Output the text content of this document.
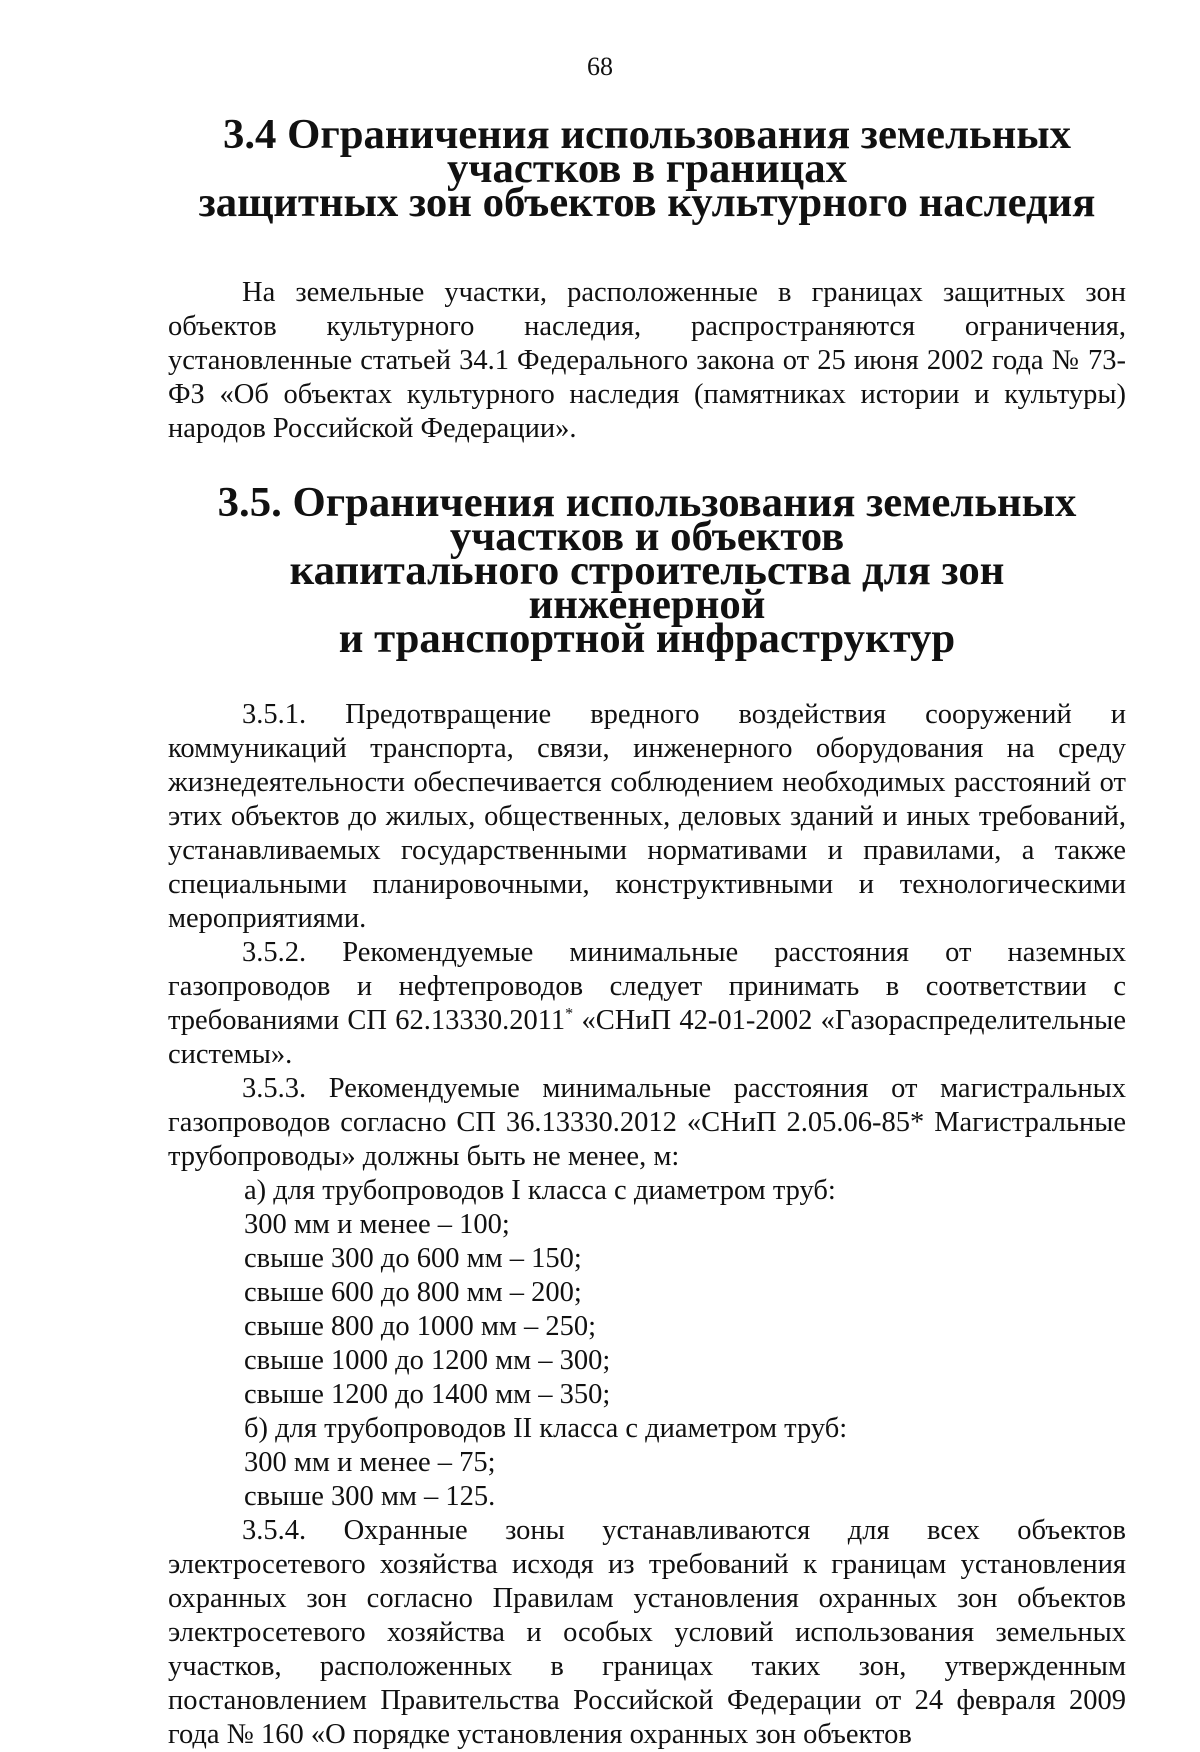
68
3.4 Ограничения использования земельных участков в границах
защитных зон объектов культурного наследия

На земельные участки, расположенные в границах защитных зон объектов культурного наследия, распространяются ограничения, установленные статьей 34.1 Федерального закона от 25 июня 2002 года № 73-ФЗ «Об объектах культурного наследия (памятниках истории и культуры) народов Российской Федерации».

3.5. Ограничения использования земельных участков и объектов
капитального строительства для зон инженерной
и транспортной инфраструктур

3.5.1. Предотвращение вредного воздействия сооружений и коммуникаций транспорта, связи, инженерного оборудования на среду жизнедеятельности обеспечивается соблюдением необходимых расстояний от этих объектов до жилых, общественных, деловых зданий и иных требований, устанавливаемых государственными нормативами и правилами, а также специальными планировочными, конструктивными и технологическими мероприятиями.

3.5.2. Рекомендуемые минимальные расстояния от наземных газопроводов и нефтепроводов следует принимать в соответствии с требованиями СП 62.13330.2011* «СНиП 42-01-2002 «Газораспределительные системы».

3.5.3. Рекомендуемые минимальные расстояния от магистральных газопроводов согласно СП 36.13330.2012 «СНиП 2.05.06-85* Магистральные трубопроводы» должны быть не менее, м:

а) для трубопроводов I класса с диаметром труб:

300 мм и менее – 100;

свыше 300 до 600 мм – 150;

свыше 600 до 800 мм – 200;

свыше 800 до 1000 мм – 250;

свыше 1000 до 1200 мм – 300;

свыше 1200 до 1400 мм – 350;

б) для трубопроводов II класса с диаметром труб:

300 мм и менее – 75;

свыше 300 мм – 125.

3.5.4. Охранные зоны устанавливаются для всех объектов электросетевого хозяйства исходя из требований к границам установления охранных зон согласно Правилам установления охранных зон объектов электросетевого хозяйства и особых условий использования земельных участков, расположенных в границах таких зон, утвержденным постановлением Правительства Российской Федерации от 24 февраля 2009 года № 160 «О порядке установления охранных зон объектов
